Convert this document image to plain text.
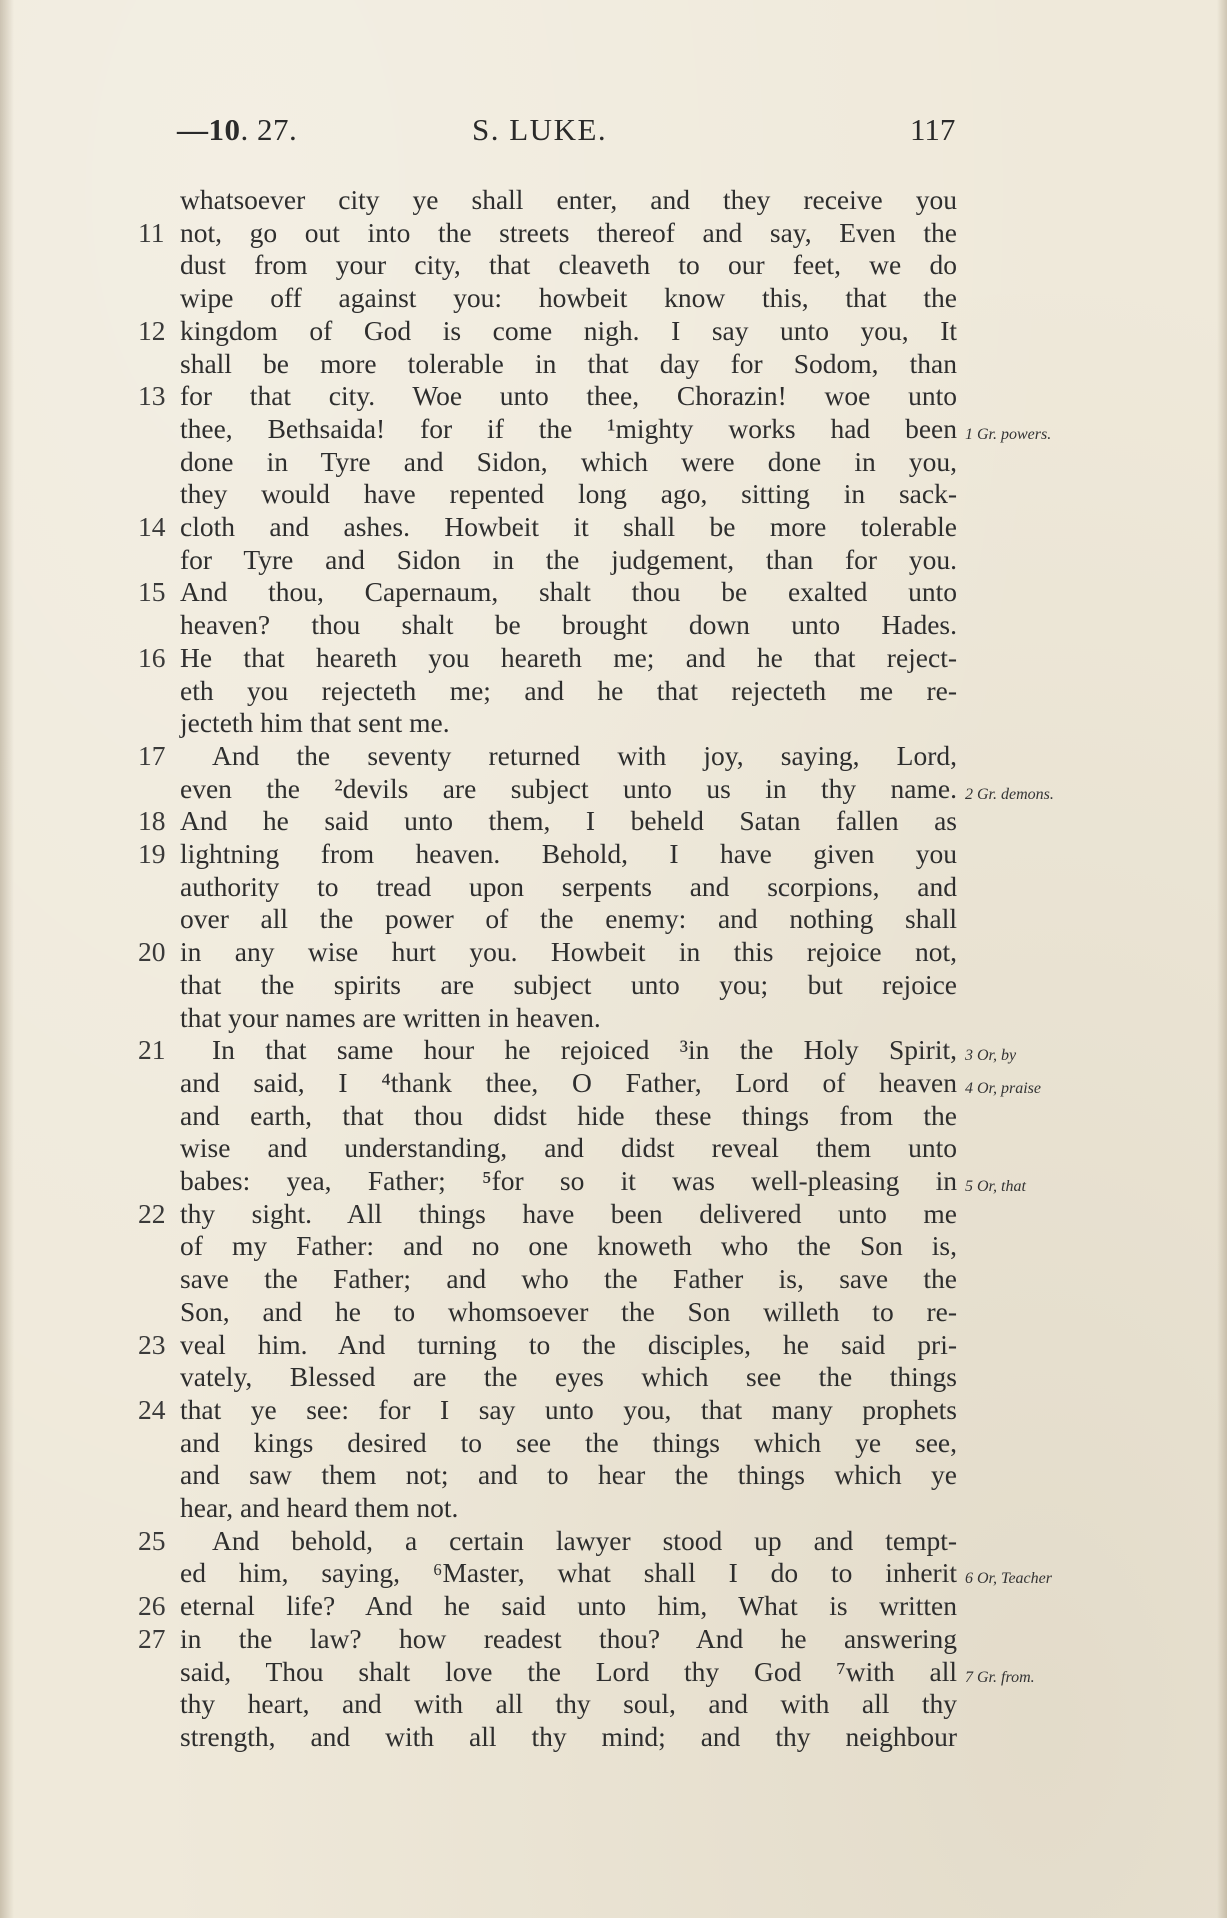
—10. 27.	S. LUKE.	117
whatsoever city ye shall enter, and they receive you
11 not, go out into the streets thereof and say, Even the
dust from your city, that cleaveth to our feet, we do
wipe off against you: howbeit know this, that the
12 kingdom of God is come nigh. I say unto you, It
shall be more tolerable in that day for Sodom, than
13 for that city. Woe unto thee, Chorazin! woe unto
thee, Bethsaida! for if the ¹mighty works had been 1 Gr. powers.
done in Tyre and Sidon, which were done in you,
they would have repented long ago, sitting in sack-
14 cloth and ashes. Howbeit it shall be more tolerable
for Tyre and Sidon in the judgement, than for you.
15 And thou, Capernaum, shalt thou be exalted unto
heaven? thou shalt be brought down unto Hades.
16 He that heareth you heareth me; and he that reject-
eth you rejecteth me; and he that rejecteth me re-
jecteth him that sent me.
17	And the seventy returned with joy, saying, Lord,
even the ²devils are subject unto us in thy name. 2 Gr. demons.
18 And he said unto them, I beheld Satan fallen as
19 lightning from heaven. Behold, I have given you
authority to tread upon serpents and scorpions, and
over all the power of the enemy: and nothing shall
20 in any wise hurt you. Howbeit in this rejoice not,
that the spirits are subject unto you; but rejoice
that your names are written in heaven.
21	In that same hour he rejoiced ³in the Holy Spirit, 3 Or, by
and said, I ⁴thank thee, O Father, Lord of heaven 4 Or, praise
and earth, that thou didst hide these things from the
wise and understanding, and didst reveal them unto
babes: yea, Father; ⁵for so it was well-pleasing in 5 Or, that
22 thy sight. All things have been delivered unto me
of my Father: and no one knoweth who the Son is,
save the Father; and who the Father is, save the
Son, and he to whomsoever the Son willeth to re-
23 veal him. And turning to the disciples, he said pri-
vately, Blessed are the eyes which see the things
24 that ye see: for I say unto you, that many prophets
and kings desired to see the things which ye see,
and saw them not; and to hear the things which ye
hear, and heard them not.
25	And behold, a certain lawyer stood up and tempt-
ed him, saying, ⁶Master, what shall I do to inherit 6 Or, Teacher
26 eternal life? And he said unto him, What is written
27 in the law? how readest thou? And he answering
said, Thou shalt love the Lord thy God ⁷with all 7 Gr. from.
thy heart, and with all thy soul, and with all thy
strength, and with all thy mind; and thy neighbour
